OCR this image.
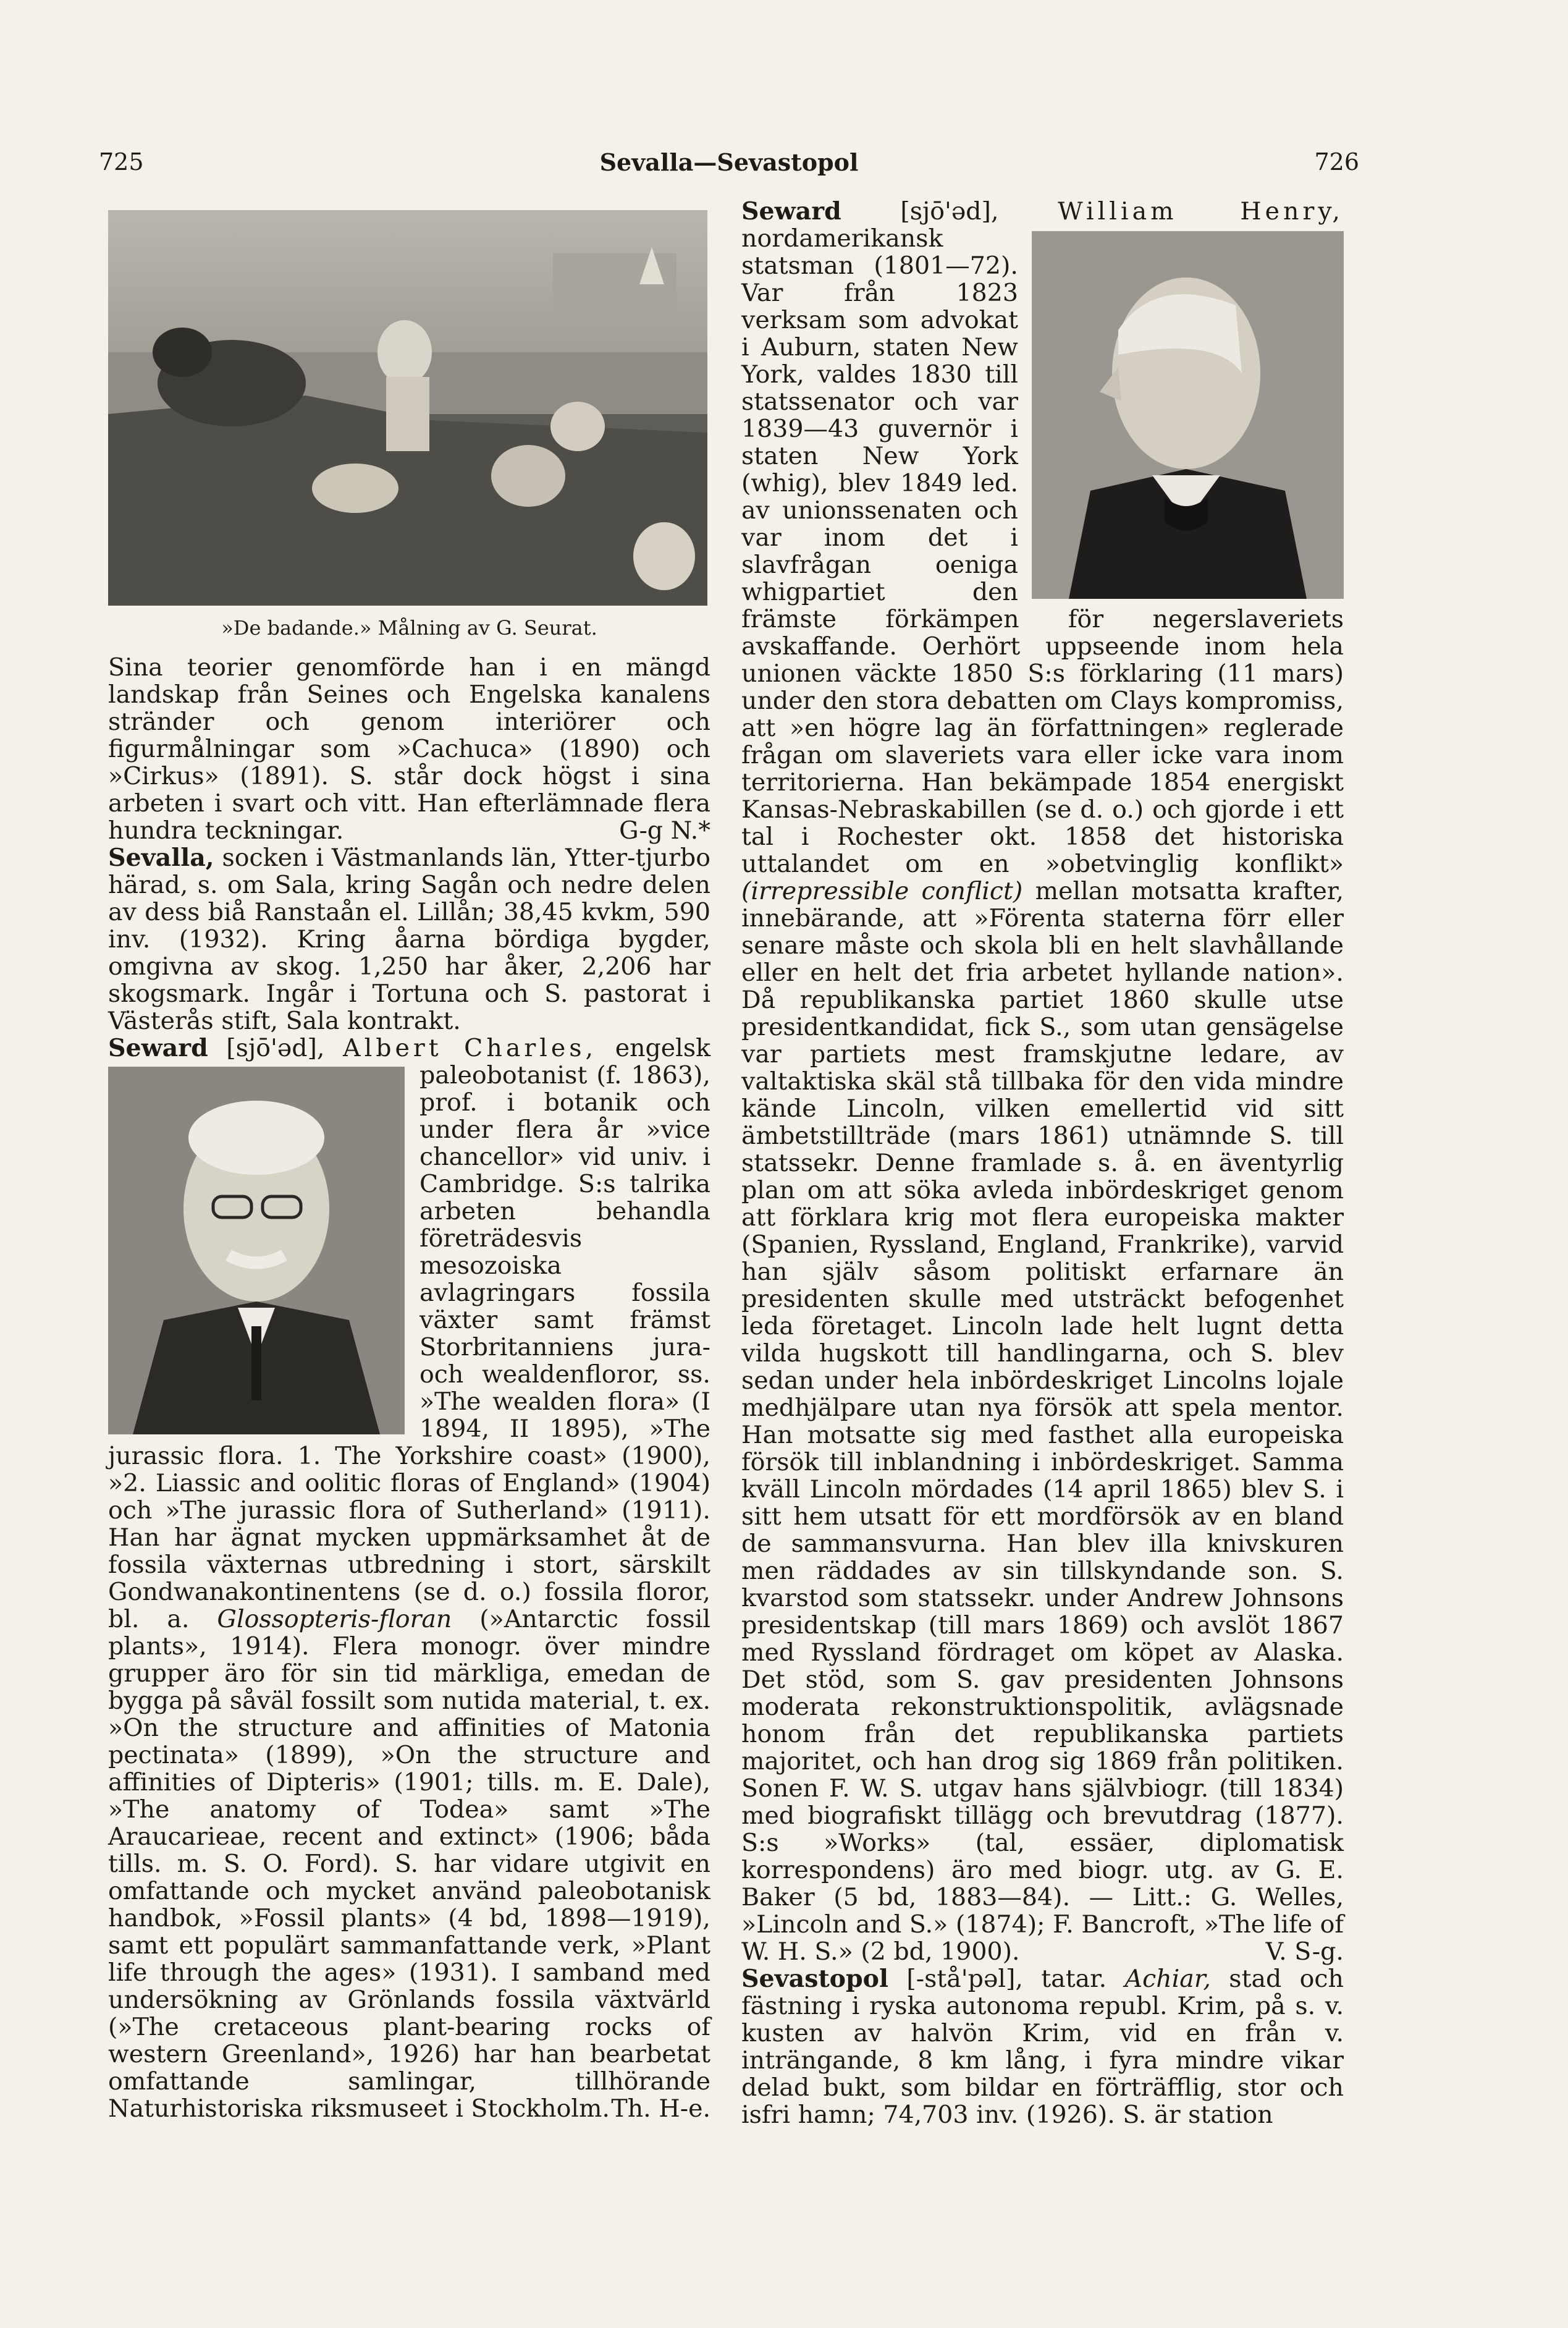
725	Sevalla—Sevastopol	726
»De badande.» Målning av G. Seurat.

Sina teorier genomförde han i en mängd landskap från Seines och Engelska kanalens stränder och genom interiörer och figurmålningar som »Cachuca» (1890) och »Cirkus» (1891). S. står dock högst i sina arbeten i svart och vitt. Han efterlämnade flera hundra teckningar.	G-g N.*

Sevalla, socken i Västmanlands län, Ytter-tjurbo härad, s. om Sala, kring Sagån och nedre delen av dess biå Ranstaån el. Lillån; 38,45 kvkm, 590 inv. (1932). Kring åarna bördiga bygder, omgivna av skog. 1,250 har åker, 2,206 har skogsmark. Ingår i Tortuna och S. pastorat i Västerås stift, Sala kontrakt.

Seward [sjō'əd], Albert Charles, engelsk paleobotanist (f. 1863), prof. i botanik och under flera år »vice chancellor» vid univ. i Cambridge. S:s talrika arbeten behandla företrädesvis mesozoiska avlagringars fossila växter samt främst Storbritanniens jura- och wealdenfloror, ss. »The wealden flora» (I 1894, II 1895), »The jurassic flora. 1. The Yorkshire coast» (1900), »2. Liassic and oolitic floras of England» (1904) och »The jurassic flora of Sutherland» (1911). Han har ägnat mycken uppmärksamhet åt de fossila växternas utbredning i stort, särskilt Gondwanakontinentens (se d. o.) fossila floror, bl. a. Glossopteris-floran (»Antarctic fossil plants», 1914). Flera monogr. över mindre grupper äro för sin tid märkliga, emedan de bygga på såväl fossilt som nutida material, t. ex. »On the structure and affinities of Matonia pectinata» (1899), »On the structure and affinities of Dipteris» (1901; tills. m. E. Dale), »The anatomy of Todea» samt »The Araucarieae, recent and extinct» (1906; båda tills. m. S. O. Ford). S. har vidare utgivit en omfattande och mycket använd paleobotanisk handbok, »Fossil plants» (4 bd, 1898—1919), samt ett populärt sammanfattande verk, »Plant life through the ages» (1931). I samband med undersökning av Grönlands fossila växtvärld (»The cretaceous plant-bearing rocks of western Greenland», 1926) har han bearbetat omfattande samlingar, tillhörande Naturhistoriska riksmuseet i Stockholm. Th. H-e.

Seward [sjō'əd], William Henry,
nordamerikansk statsman (1801—72). Var från 1823 verksam som advokat i Auburn, staten New York, valdes 1830 till statssenator och var 1839—43 guvernör i staten New York (whig), blev 1849 led. av unionssenaten och var inom det i slavfrågan oeniga whigpartiet den främste förkämpen för negerslaveriets avskaffande. Oerhört uppseende inom hela unionen väckte 1850 S:s förklaring (11 mars) under den stora debatten om Clays kompromiss, att »en högre lag än författningen» reglerade frågan om slaveriets vara eller icke vara inom territorierna. Han bekämpade 1854 energiskt Kansas-Nebraskabillen (se d. o.) och gjorde i ett tal i Rochester okt. 1858 det historiska uttalandet om en »obetvinglig konflikt» (irrepressible conflict) mellan motsatta krafter, innebärande, att »Förenta staterna förr eller senare måste och skola bli en helt slavhållande eller en helt det fria arbetet hyllande nation». Då republikanska partiet 1860 skulle utse presidentkandidat, fick S., som utan gensägelse var partiets mest framskjutne ledare, av valtaktiska skäl stå tillbaka för den vida mindre kände Lincoln, vilken emellertid vid sitt ämbetstillträde (mars 1861) utnämnde S. till statssekr. Denne framlade s. å. en äventyrlig plan om att söka avleda inbördeskriget genom att förklara krig mot flera europeiska makter (Spanien, Ryssland, England, Frankrike), varvid han själv såsom politiskt erfarnare än presidenten skulle med utsträckt befogenhet leda företaget. Lincoln lade helt lugnt detta vilda hugskott till handlingarna, och S. blev sedan under hela inbördeskriget Lincolns lojale medhjälpare utan nya försök att spela mentor. Han motsatte sig med fasthet alla europeiska försök till inblandning i inbördeskriget. Samma kväll Lincoln mördades (14 april 1865) blev S. i sitt hem utsatt för ett mordförsök av en bland de sammansvurna. Han blev illa knivskuren men räddades av sin tillskyndande son. S. kvarstod som statssekr. under Andrew Johnsons presidentskap (till mars 1869) och avslöt 1867 med Ryssland fördraget om köpet av Alaska. Det stöd, som S. gav presidenten Johnsons moderata rekonstruktionspolitik, avlägsnade honom från det republikanska partiets majoritet, och han drog sig 1869 från politiken. Sonen F. W. S. utgav hans självbiogr. (till 1834) med biografiskt tillägg och brevutdrag (1877). S:s »Works» (tal, essäer, diplomatisk korrespondens) äro med biogr. utg. av G. E. Baker (5 bd, 1883—84). — Litt.: G. Welles, »Lincoln and S.» (1874); F. Bancroft, »The life of W. H. S.» (2 bd, 1900).	V. S-g.

Sevastopol [-stå'pəl], tatar. Achiar, stad och fästning i ryska autonoma republ. Krim, på s. v. kusten av halvön Krim, vid en från v. inträngande, 8 km lång, i fyra mindre vikar delad bukt, som bildar en förträfflig, stor och isfri hamn; 74,703 inv. (1926). S. är station
